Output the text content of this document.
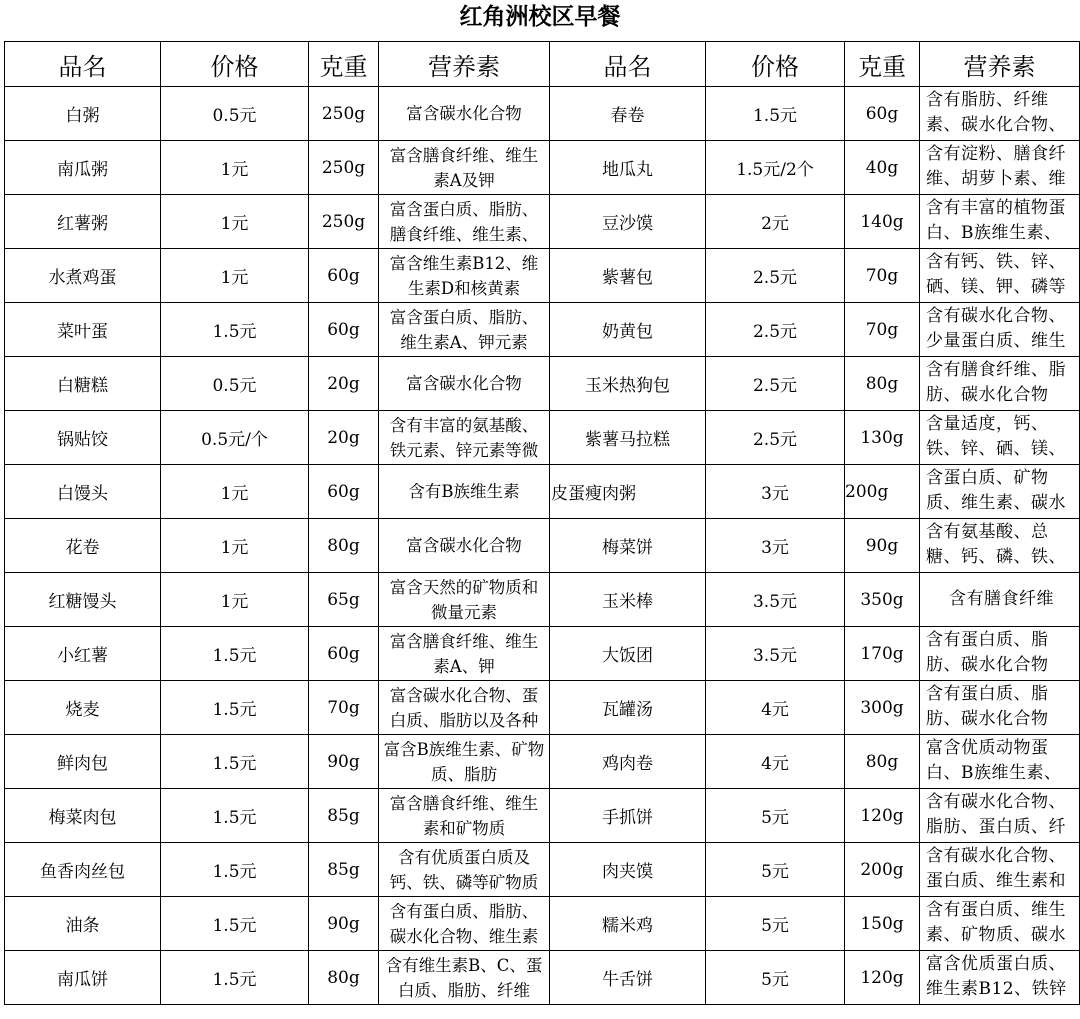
红角洲校区早餐
品名	价格	克重	营养素	品名	价格	克重	营养素
白粥	0.5元	250g	富含碳水化合物	春卷	1.5元	60g	含有脂肪、纤维素、碳水化合物、

南瓜粥	1元	250g	富含膳食纤维、维生素A及钾	地瓜丸	1.5元/2个	40g	含有淀粉、膳食纤维、胡萝卜素、维

红薯粥	1元	250g	富含蛋白质、脂肪、膳食纤维、维生素、	豆沙馍	2元	140g	含有丰富的植物蛋白、B族维生素、

水煮鸡蛋	1元	60g	富含维生素B12、维生素D和核黄素	紫薯包	2.5元	70g	含有钙、铁、锌、硒、镁、钾、磷等

菜叶蛋	1.5元	60g	富含蛋白质、脂肪、维生素A、钾元素	奶黄包	2.5元	70g	含有碳水化合物、少量蛋白质、维生

白糖糕	0.5元	20g	富含碳水化合物	玉米热狗包	2.5元	80g	含有膳食纤维、脂肪、碳水化合物

锅贴饺	0.5元/个	20g	含有丰富的氨基酸、铁元素、锌元素等微	紫薯马拉糕	2.5元	130g	含量适度，钙、铁、锌、硒、镁、

白馒头	1元	60g	含有B族维生素	皮蛋瘦肉粥	3元	200g	含蛋白质、矿物质、维生素、碳水

花卷	1元	80g	富含碳水化合物	梅菜饼	3元	90g	含有氨基酸、总糖、钙、磷、铁、

红糖馒头	1元	65g	富含天然的矿物质和微量元素	玉米棒	3.5元	350g	含有膳食纤维

小红薯	1.5元	60g	富含膳食纤维、维生素A、钾	大饭团	3.5元	170g	含有蛋白质、脂肪、碳水化合物

烧麦	1.5元	70g	富含碳水化合物、蛋白质、脂肪以及各种	瓦罐汤	4元	300g	含有蛋白质、脂肪、碳水化合物

鲜肉包	1.5元	90g	富含B族维生素、矿物质、脂肪	鸡肉卷	4元	80g	富含优质动物蛋白、B族维生素、

梅菜肉包	1.5元	85g	富含膳食纤维、维生素和矿物质	手抓饼	5元	120g	含有碳水化合物、脂肪、蛋白质、纤

鱼香肉丝包	1.5元	85g	含有优质蛋白质及钙、铁、磷等矿物质	肉夹馍	5元	200g	含有碳水化合物、蛋白质、维生素和

油条	1.5元	90g	含有蛋白质、脂肪、碳水化合物、维生素	糯米鸡	5元	150g	含有蛋白质、维生素、矿物质、碳水

南瓜饼	1.5元	80g	含有维生素B、C、蛋白质、脂肪、纤维	牛舌饼	5元	120g	富含优质蛋白质、维生素B12、铁锌
